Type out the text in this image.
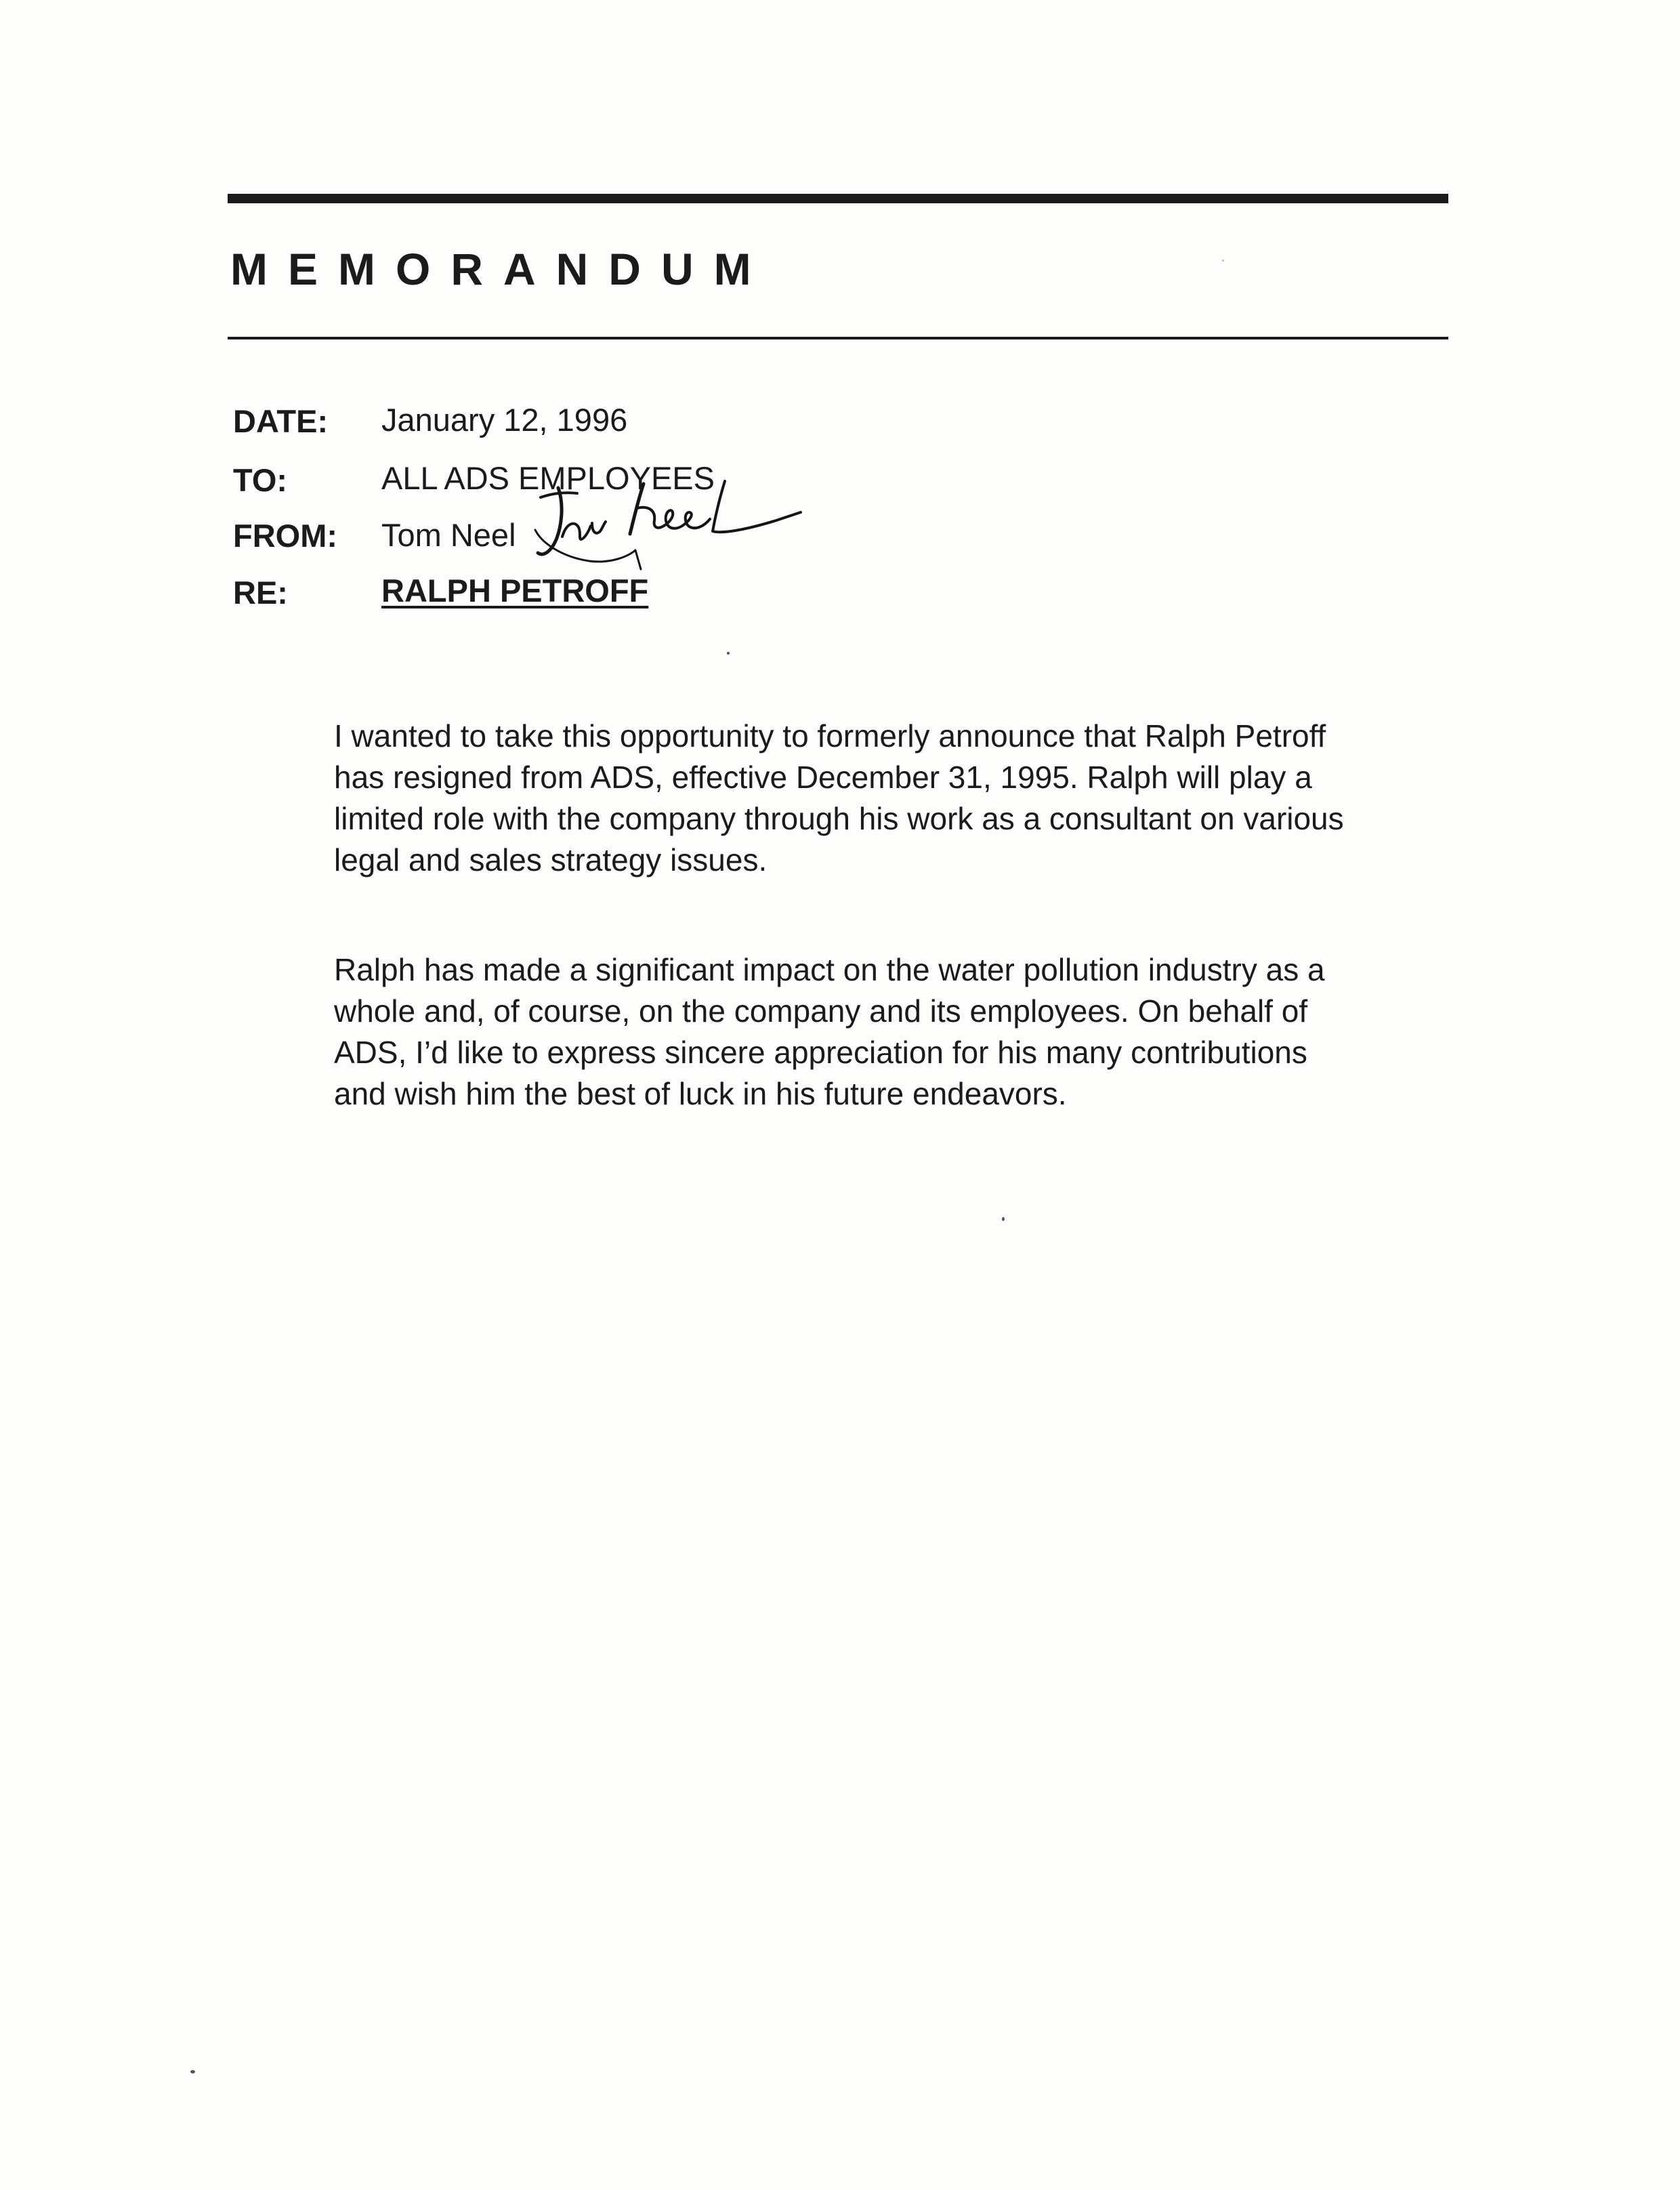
MEMORANDUM
DATE: January 12, 1996
TO:	ALL ADS EMPLOYEES
FROM: Tom Neel
RE:	RALPH PETROFF
I wanted to take this opportunity to formerly announce that Ralph Petroff
has resigned from ADS, effective December 31, 1995. Ralph will play a
limited role with the company through his work as a consultant on various
legal and sales strategy issues.
Ralph has made a significant impact on the water pollution industry as a
whole and, of course, on the company and its employees. On behalf of
ADS, I’d like to express sincere appreciation for his many contributions
and wish him the best of luck in his future endeavors.
